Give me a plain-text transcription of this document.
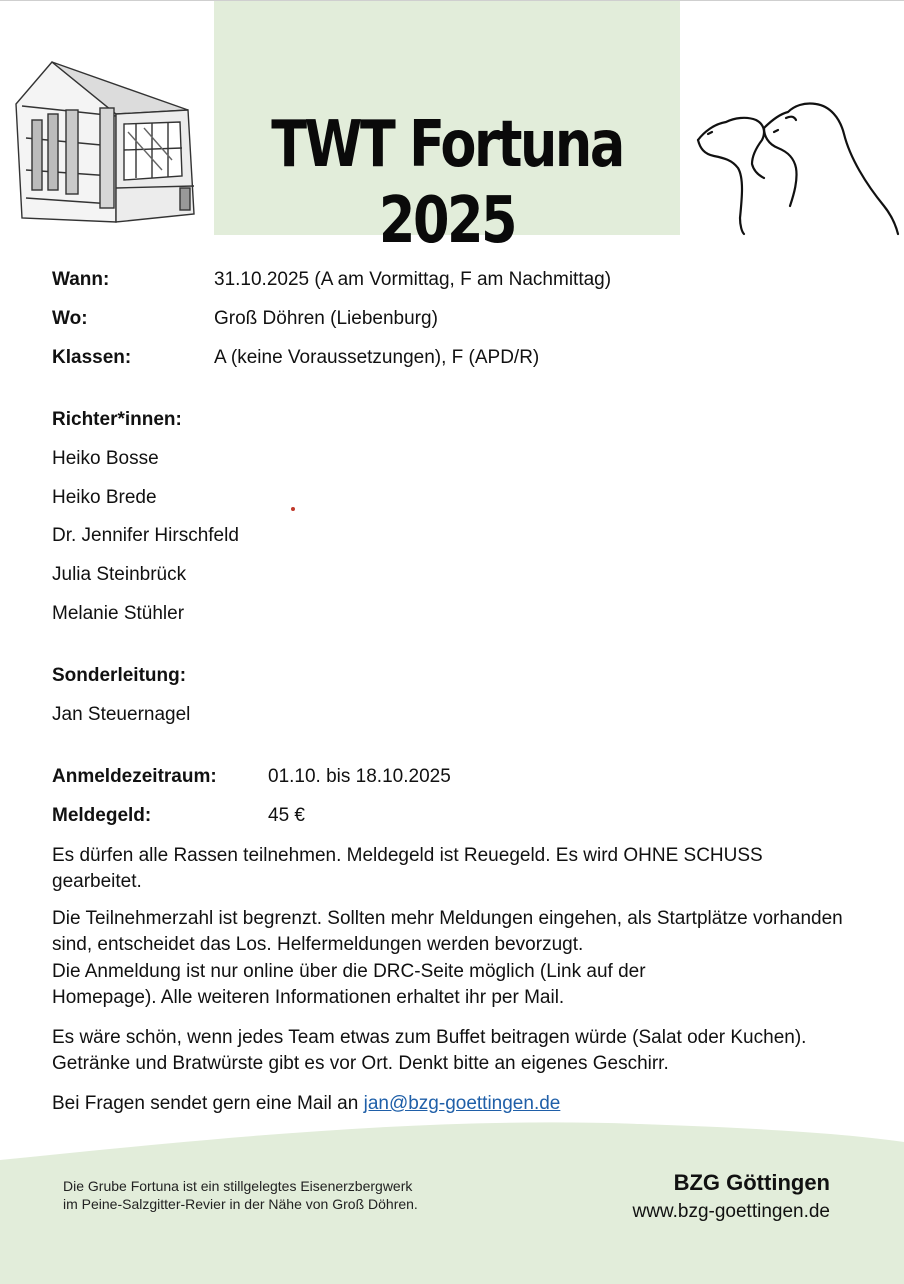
TWT Fortuna 2025
Wann:	31.10.2025 (A am Vormittag, F am Nachmittag)
Wo:	Groß Döhren (Liebenburg)
Klassen:	A (keine Voraussetzungen), F (APD/R)
Richter*innen:
Heiko Bosse
Heiko Brede
Dr. Jennifer Hirschfeld
Julia Steinbrück
Melanie Stühler
Sonderleitung:
Jan Steuernagel
Anmeldezeitraum:	01.10. bis 18.10.2025
Meldegeld:	45 €
Es dürfen alle Rassen teilnehmen. Meldegeld ist Reuegeld. Es wird OHNE SCHUSS gearbeitet.
Die Teilnehmerzahl ist begrenzt. Sollten mehr Meldungen eingehen, als Startplätze vorhanden sind, entscheidet das Los. Helfermeldungen werden bevorzugt.
Die Anmeldung ist nur online über die DRC-Seite möglich (Link auf der Homepage). Alle weiteren Informationen erhaltet ihr per Mail.
Es wäre schön, wenn jedes Team etwas zum Buffet beitragen würde (Salat oder Kuchen). Getränke und Bratwürste gibt es vor Ort. Denkt bitte an eigenes Geschirr.
Bei Fragen sendet gern eine Mail an jan@bzg-goettingen.de
Die Grube Fortuna ist ein stillgelegtes Eisenerzbergwerk
im Peine-Salzgitter-Revier in der Nähe von Groß Döhren.
BZG Göttingen
www.bzg-goettingen.de
